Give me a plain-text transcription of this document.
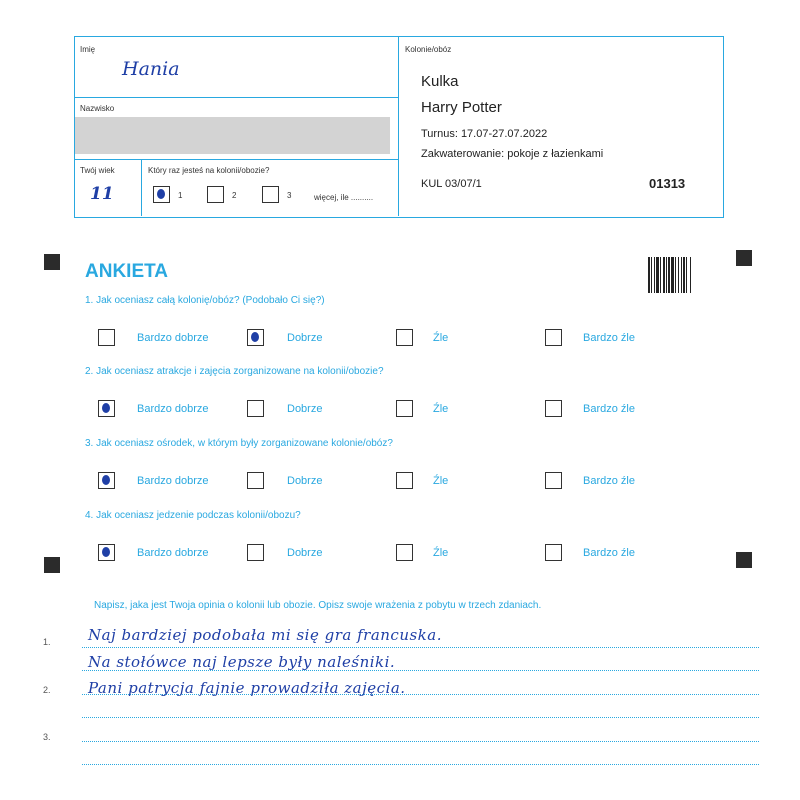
Imię
Hania
Nazwisko
Twój wiek
11
Który raz jesteś na kolonii/obozie?
1	2	3	więcej, ile ..........
Kolonie/obóz
Kulka
Harry Potter
Turnus: 17.07-27.07.2022
Zakwaterowanie: pokoje z łazienkami
KUL 03/07/1	01313
ANKIETA
1. Jak oceniasz całą kolonię/obóz? (Podobało Ci się?)
Bardzo dobrze	Dobrze	Źle	Bardzo źle
2. Jak oceniasz atrakcje i zajęcia zorganizowane na kolonii/obozie?
Bardzo dobrze	Dobrze	Źle	Bardzo źle
3. Jak oceniasz ośrodek, w którym były zorganizowane kolonie/obóz?
Bardzo dobrze	Dobrze	Źle	Bardzo źle
4. Jak oceniasz jedzenie podczas kolonii/obozu?
Bardzo dobrze	Dobrze	Źle	Bardzo źle
Napisz, jaka jest Twoja opinia o kolonii lub obozie. Opisz swoje wrażenia z pobytu w trzech zdaniach.
1.
2.
3.
Naj bardziej podobała mi się gra francuska.
Na stołówce naj lepsze były naleśniki.
Pani patrycja fajnie prowadziła zajęcia.
